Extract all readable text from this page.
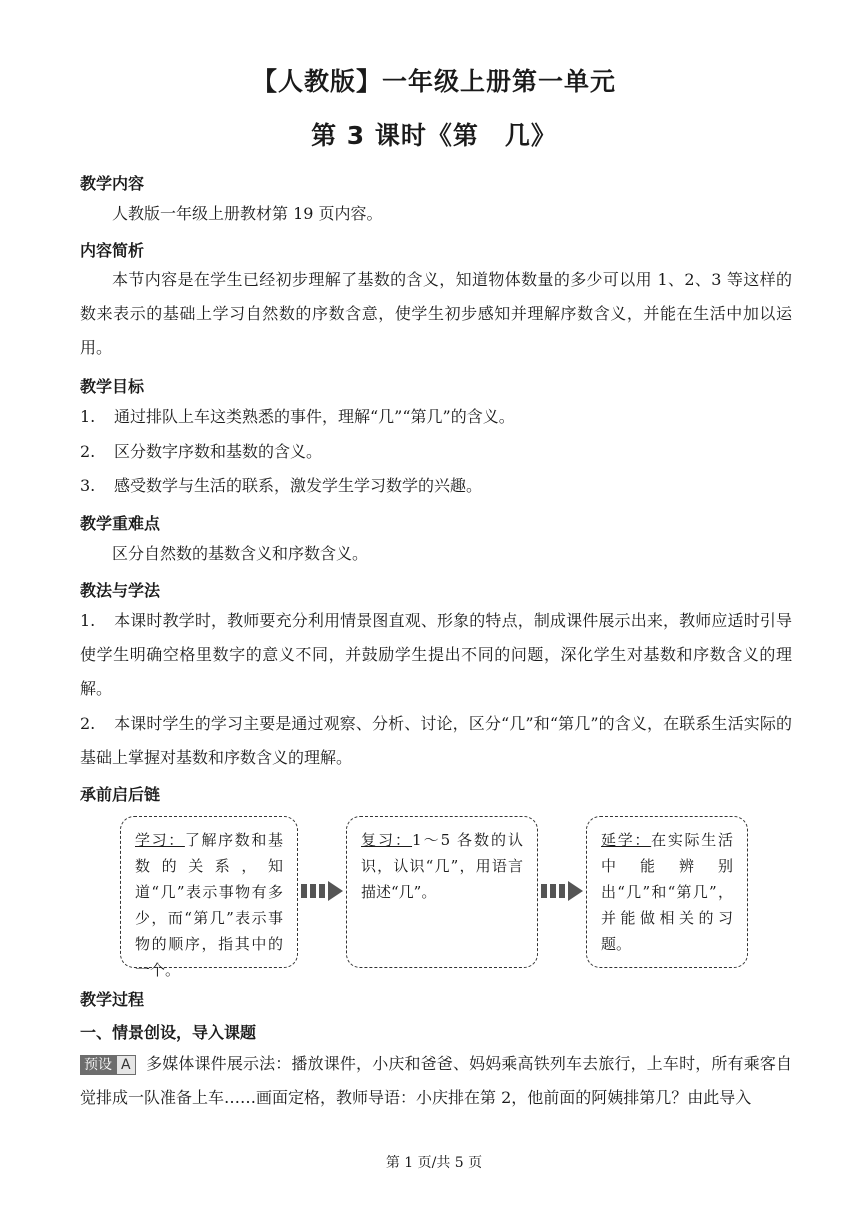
【人教版】一年级上册第一单元
第 3 课时《第　几》
教学内容
人教版一年级上册教材第 19 页内容。
内容简析
本节内容是在学生已经初步理解了基数的含义，知道物体数量的多少可以用 1、2、3 等这样的数来表示的基础上学习自然数的序数含意，使学生初步感知并理解序数含义，并能在生活中加以运用。
教学目标
1. 通过排队上车这类熟悉的事件，理解“几”“第几”的含义。
2. 区分数字序数和基数的含义。
3. 感受数学与生活的联系，激发学生学习数学的兴趣。
教学重难点
区分自然数的基数含义和序数含义。
教法与学法
1. 本课时教学时，教师要充分利用情景图直观、形象的特点，制成课件展示出来，教师应适时引导使学生明确空格里数字的意义不同，并鼓励学生提出不同的问题，深化学生对基数和序数含义的理解。
2. 本课时学生的学习主要是通过观察、分析、讨论，区分“几”和“第几”的含义，在联系生活实际的基础上掌握对基数和序数含义的理解。
承前启后链
学习：了解序数和基数的关系，知道“几”表示事物有多少，而“第几”表示事物的顺序，指其中的一个。
复习：1～5 各数的认识，认识“几”，用语言描述“几”。
延学：在实际生活中能辨别出“几”和“第几”，并能做相关的习题。
教学过程
一、情景创设，导入课题
预设 A 多媒体课件展示法：播放课件，小庆和爸爸、妈妈乘高铁列车去旅行，上车时，所有乘客自觉排成一队准备上车……画面定格，教师导语：小庆排在第 2，他前面的阿姨排第几？由此导入
第 1 页/共 5 页
